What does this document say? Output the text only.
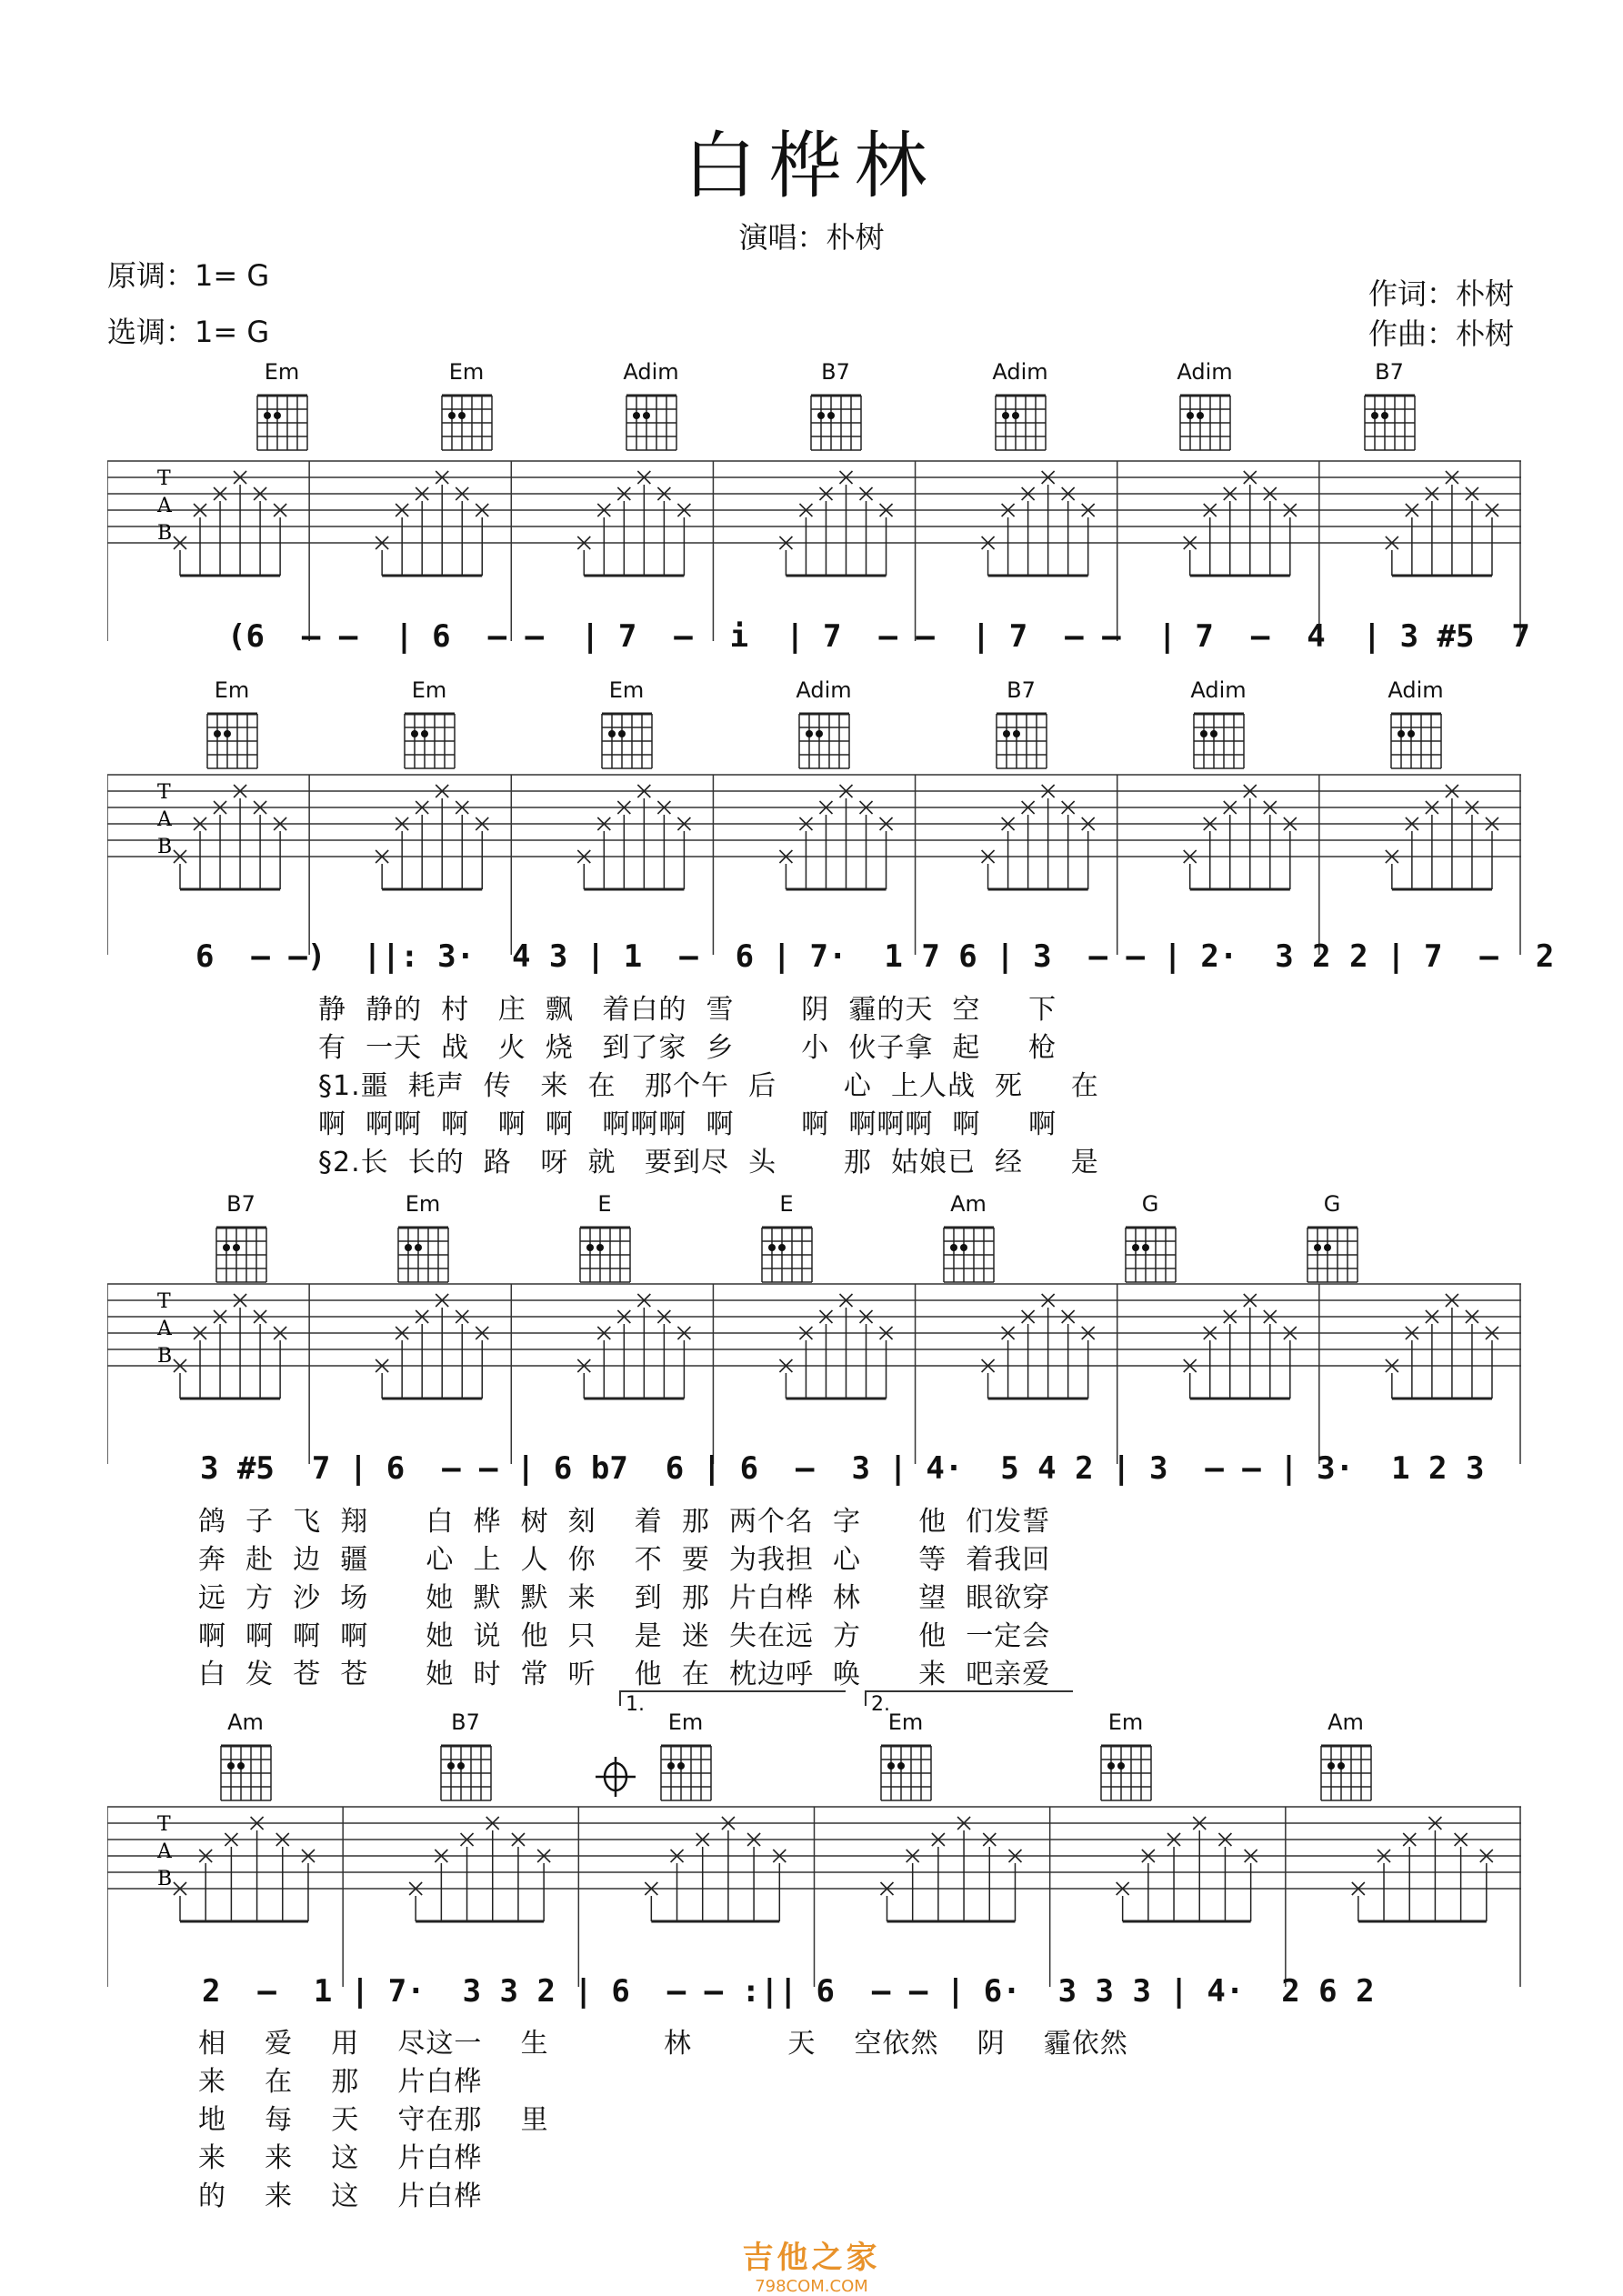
白桦林
演唱：朴树
原调：1= G
选调：1= G
作词：朴树
作曲：朴树
Em	Em	Adim	B7	Adim	Adim	B7
T
A
B
(6  — —  | 6  — —  | 7  —  i  | 7  — —  | 7  — —  | 7  —  4  | 3 #5  7
Em	Em	Em	Adim	B7	Adim	Adim
T
A
B
6  — —)  ||: 3·  4 3 | 1  —  6 | 7·  1 7 6 | 3  — — | 2·  3 2 2 | 7  —  2
静  静的  村   庄  飘   着白的  雪       阴  霾的天  空     下
有  一天  战   火  烧   到了家  乡       小  伙子拿  起     枪
§1.噩  耗声  传   来  在   那个午  后       心  上人战  死     在
啊  啊啊  啊   啊  啊   啊啊啊  啊       啊  啊啊啊  啊     啊
§2.长  长的  路   呀  就   要到尽  头       那  姑娘已  经     是
B7	Em	E	E	Am	G	G
T
A
B
3 #5  7 | 6  — — | 6 b7  6 | 6  —  3 | 4·  5 4 2 | 3  — — | 3·  1 2 3
鸽  子  飞  翔      白  桦  树  刻    着  那  两个名  字      他  们发誓
奔  赴  边  疆      心  上  人  你    不  要  为我担  心      等  着我回
远  方  沙  场      她  默  默  来    到  那  片白桦  林      望  眼欲穿
啊  啊  啊  啊      她  说  他  只    是  迷  失在远  方      他  一定会
白  发  苍  苍      她  时  常  听    他  在  枕边呼  唤      来  吧亲爱
1.	2.
Am	B7	Em	Em	Em	Am
T
A
B
2  —  1 | 7·  3 3 2 | 6  — — :|| 6  — — | 6·  3 3 3 | 4·  2 6 2
相    爱    用    尽这一    生            林          天    空依然    阴    霾依然
来    在    那    片白桦
地    每    天    守在那    里
来    来    这    片白桦
的    来    这    片白桦
吉他之家
798COM.COM
